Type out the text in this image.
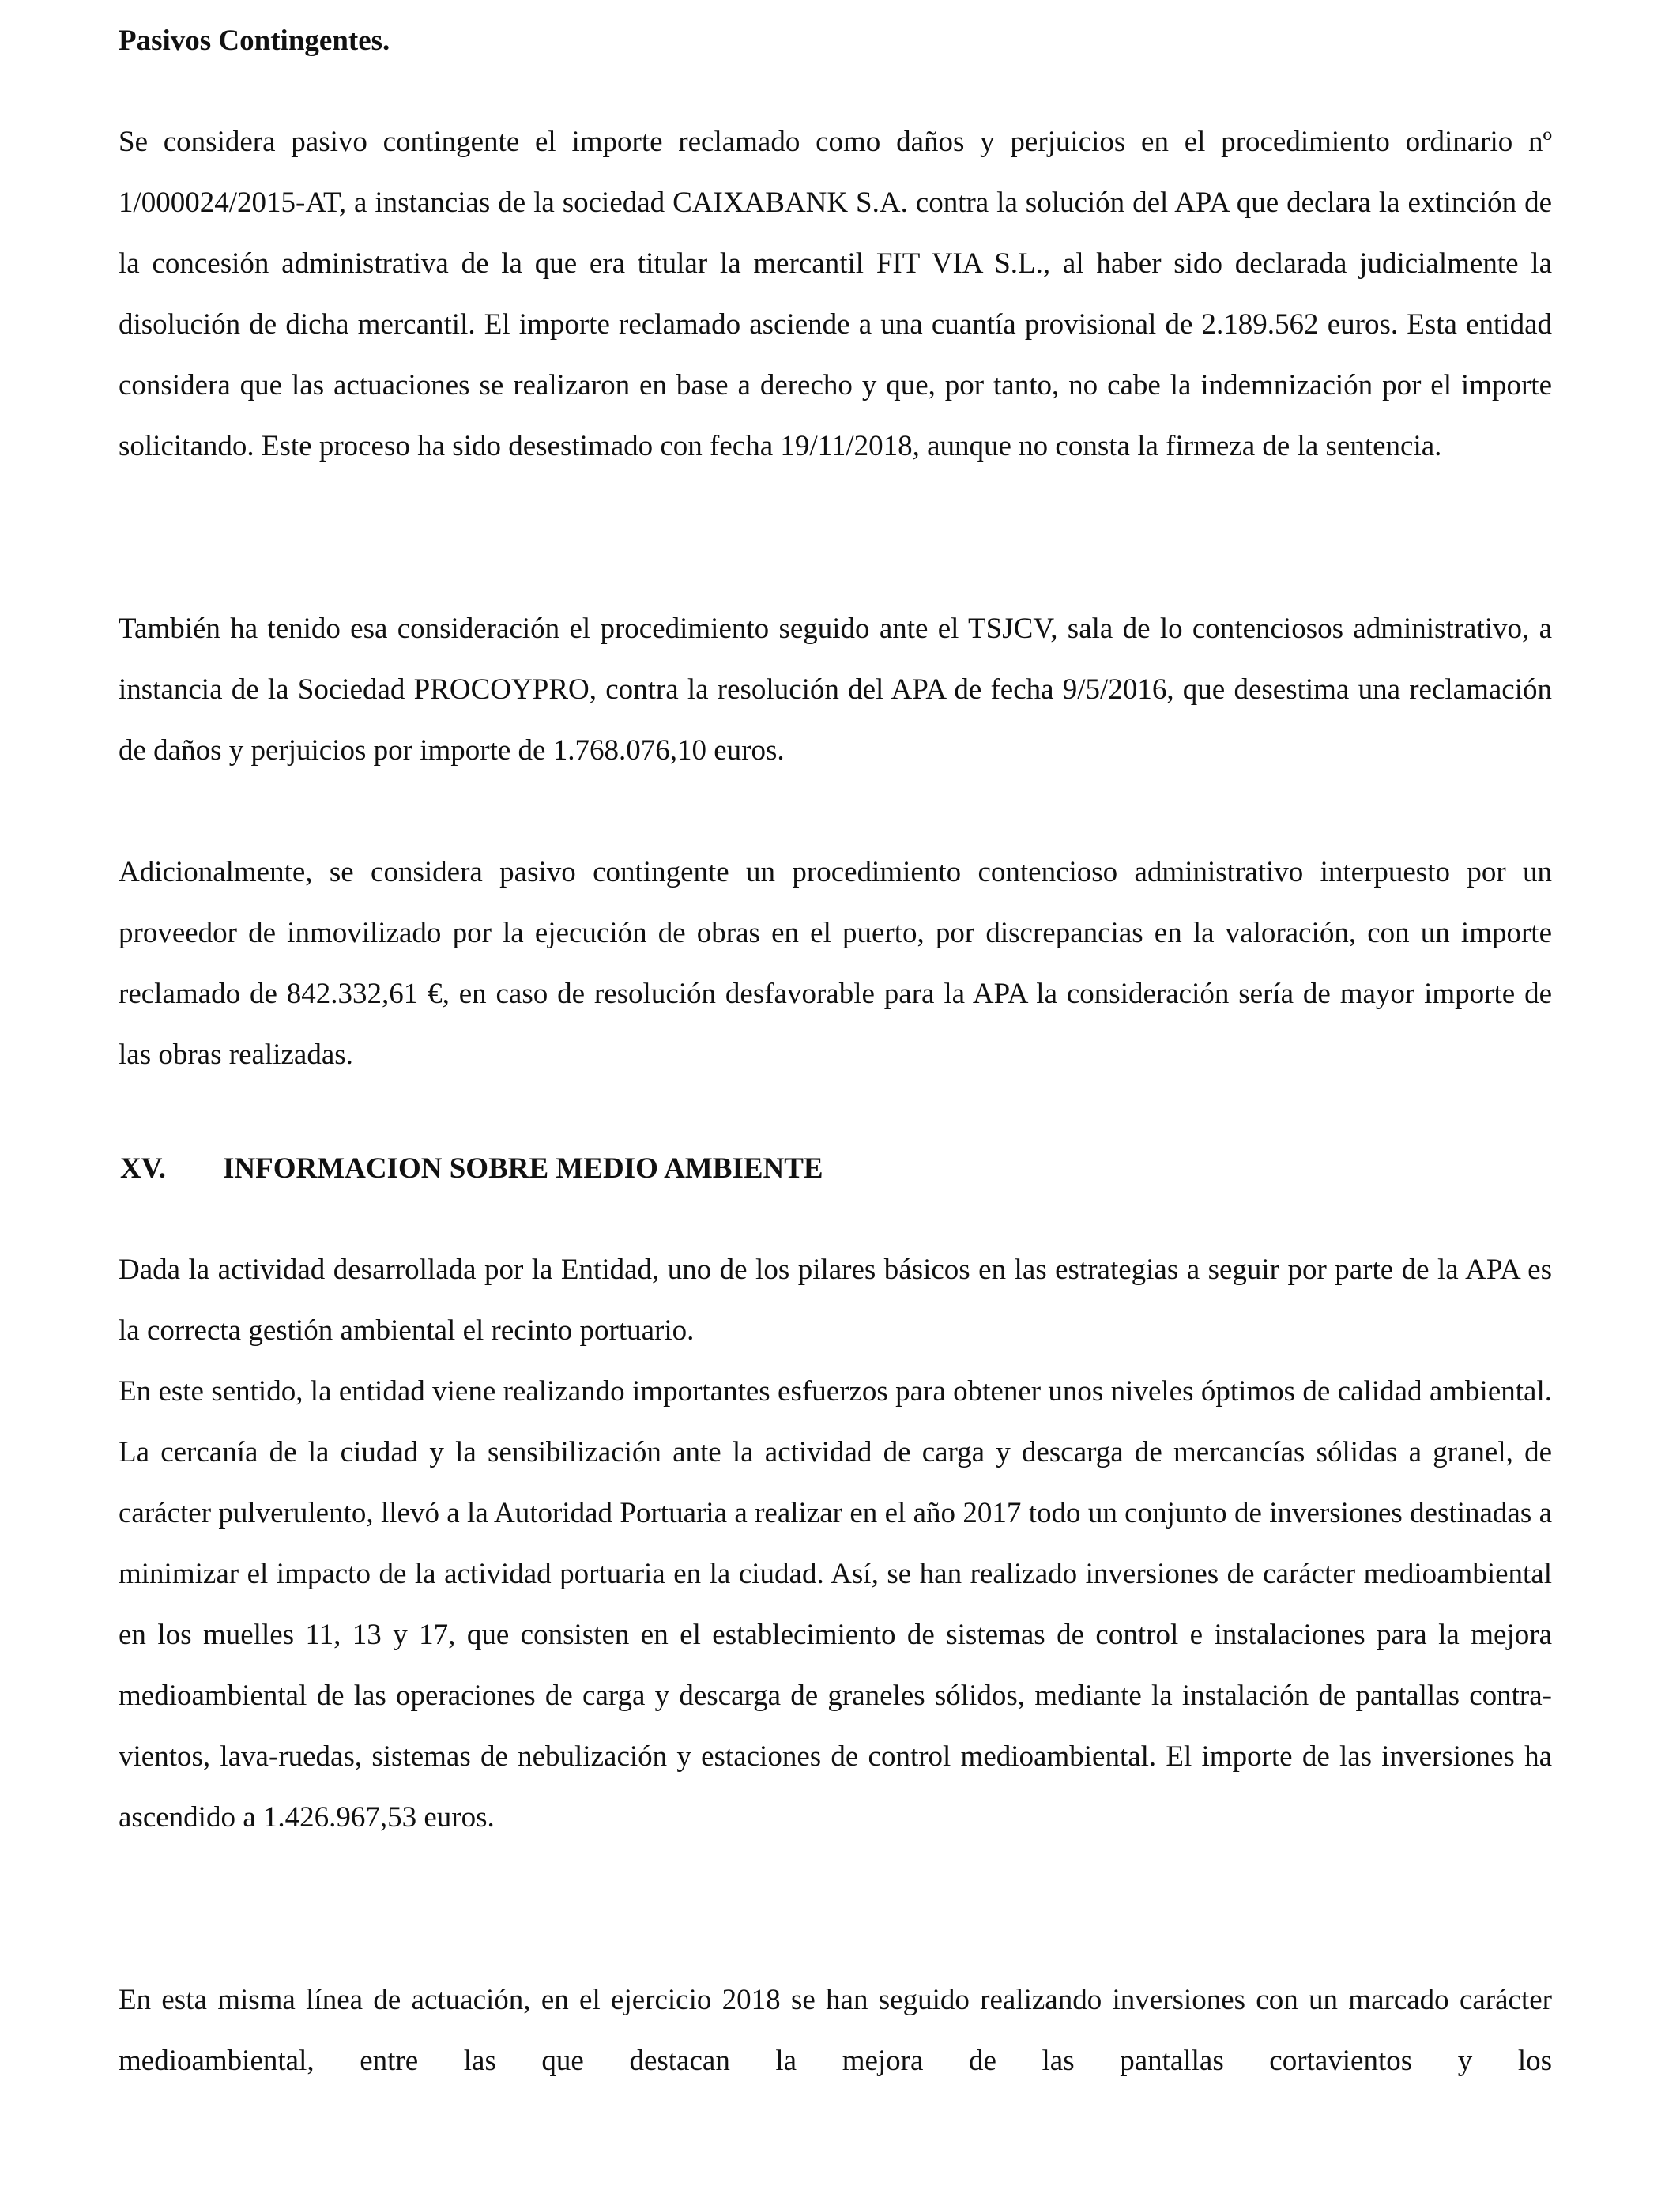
Pasivos Contingentes.

Se considera pasivo contingente el importe reclamado como daños y perjuicios en el procedimiento ordinario nº 1/000024/2015-AT, a instancias de la sociedad CAIXABANK S.A. contra la solución del APA que declara la extinción de la concesión administrativa de la que era titular la mercantil FIT VIA S.L., al haber sido declarada judicialmente la disolución de dicha mercantil. El importe reclamado asciende a una cuantía provisional de 2.189.562 euros. Esta entidad considera que las actuaciones se realizaron en base a derecho y que, por tanto, no cabe la indemnización por el importe solicitando. Este proceso ha sido desestimado con fecha 19/11/2018, aunque no consta la firmeza de la sentencia.

También ha tenido esa consideración el procedimiento seguido ante el TSJCV, sala de lo contenciosos administrativo, a instancia de la Sociedad PROCOYPRO, contra la resolución del APA de fecha 9/5/2016, que desestima una reclamación de daños y perjuicios por importe de 1.768.076,10 euros.

Adicionalmente, se considera pasivo contingente un procedimiento contencioso administrativo interpuesto por un proveedor de inmovilizado por la ejecución de obras en el puerto, por discrepancias en la valoración, con un importe reclamado de 842.332,61 €, en caso de resolución desfavorable para la APA la consideración sería de mayor importe de las obras realizadas.

XV.	INFORMACION SOBRE MEDIO AMBIENTE

Dada la actividad desarrollada por la Entidad, uno de los pilares básicos en las estrategias a seguir por parte de la APA es la correcta gestión ambiental el recinto portuario.

En este sentido, la entidad viene realizando importantes esfuerzos para obtener unos niveles óptimos de calidad ambiental. La cercanía de la ciudad y la sensibilización ante la actividad de carga y descarga de mercancías sólidas a granel, de carácter pulverulento, llevó a la Autoridad Portuaria a realizar en el año 2017 todo un conjunto de inversiones destinadas a minimizar el impacto de la actividad portuaria en la ciudad. Así, se han realizado inversiones de carácter medioambiental en los muelles 11, 13 y 17, que consisten en el establecimiento de sistemas de control e instalaciones para la mejora medioambiental de las operaciones de carga y descarga de graneles sólidos, mediante la instalación de pantallas contra-vientos, lava-ruedas, sistemas de nebulización y estaciones de control medioambiental. El importe de las inversiones ha ascendido a 1.426.967,53 euros.

En esta misma línea de actuación, en el ejercicio 2018 se han seguido realizando inversiones con un marcado carácter medioambiental, entre las que destacan la mejora de las pantallas cortavientos y los
